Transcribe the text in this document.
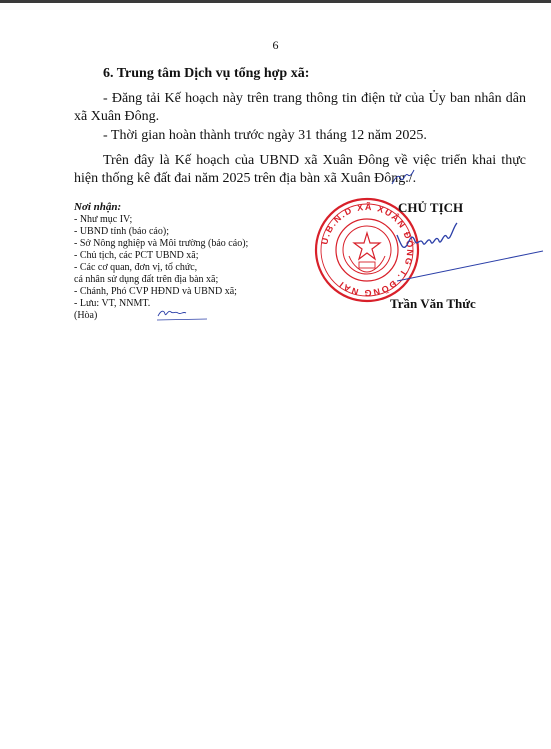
6
6. Trung tâm Dịch vụ tổng hợp xã:

- Đăng tải Kế hoạch này trên trang thông tin điện tử của Ủy ban nhân dân xã Xuân Đông.

- Thời gian hoàn thành trước ngày 31 tháng 12 năm 2025.

Trên đây là Kế hoạch của UBND xã Xuân Đông về việc triển khai thực hiện thống kê đất đai năm 2025 trên địa bàn xã Xuân Đông./.

Nơi nhận:
- Như mục IV;
- UBND tỉnh (báo cáo);
- Sở Nông nghiệp và Môi trường (báo cáo);
- Chủ tịch, các PCT UBND xã;
- Các cơ quan, đơn vị, tổ chức,
cá nhân sử dụng đất trên địa bàn xã;
- Chánh, Phó CVP HĐND và UBND xã;
- Lưu: VT, NNMT.
(Hòa)
U.B.N.D XÃ XUÂN ĐÔNG T. ĐỒNG NAI
CHỦ TỊCH
Trần Văn Thức
